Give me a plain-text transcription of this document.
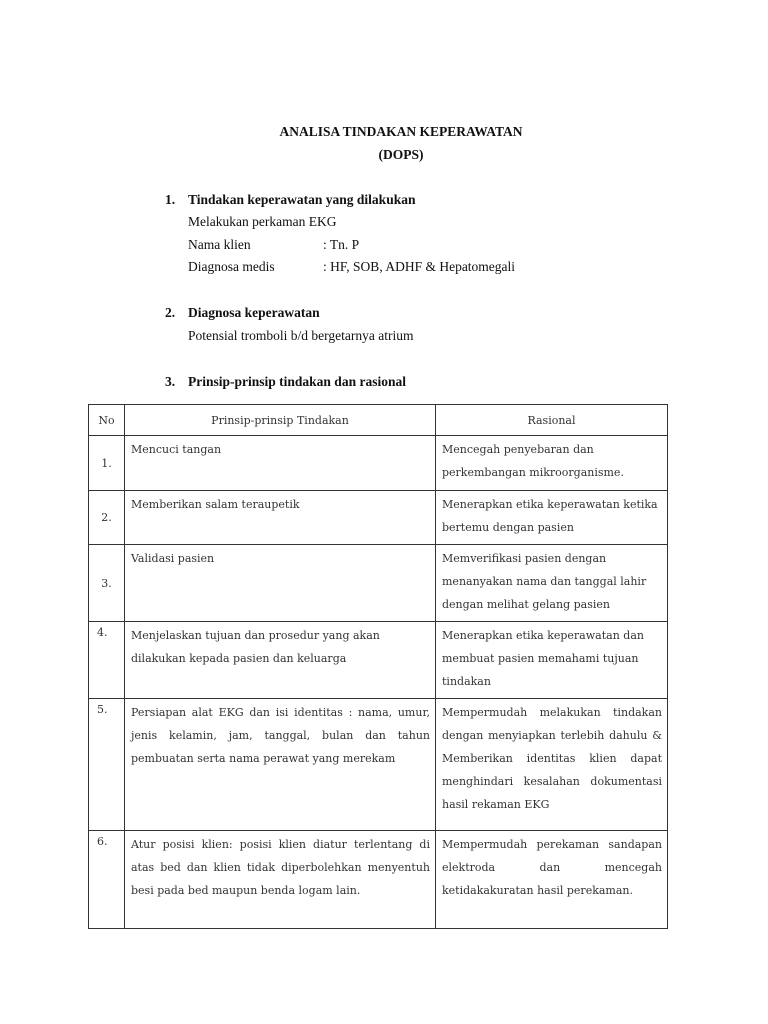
ANALISA TINDAKAN KEPERAWATAN
(DOPS)
1. Tindakan keperawatan yang dilakukan
Melakukan perkaman EKG
Nama klien	: Tn. P
Diagnosa medis	: HF, SOB, ADHF & Hepatomegali
2. Diagnosa keperawatan
Potensial tromboli b/d bergetarnya atrium
3. Prinsip-prinsip tindakan dan rasional
No	Prinsip-prinsip Tindakan	Rasional
1.	Mencuci tangan	Mencegah penyebaran dan perkembangan mikroorganisme.
2.	Memberikan salam teraupetik	Menerapkan etika keperawatan ketika bertemu dengan pasien
3.	Validasi pasien	Memverifikasi pasien dengan menanyakan nama dan tanggal lahir dengan melihat gelang pasien
4.	Menjelaskan tujuan dan prosedur yang akan dilakukan kepada pasien dan keluarga	Menerapkan etika keperawatan dan membuat pasien memahami tujuan tindakan
5.	Persiapan alat EKG dan isi identitas : nama, umur, jenis kelamin, jam, tanggal, bulan dan tahun pembuatan serta nama perawat yang merekam	Mempermudah melakukan tindakan dengan menyiapkan terlebih dahulu & Memberikan identitas klien dapat menghindari kesalahan dokumentasi hasil rekaman EKG
6.	Atur posisi klien: posisi klien diatur terlentang di atas bed dan klien tidak diperbolehkan menyentuh besi pada bed maupun benda logam lain.	Mempermudah perekaman sandapan elektroda dan mencegah ketidakakuratan hasil perekaman.
